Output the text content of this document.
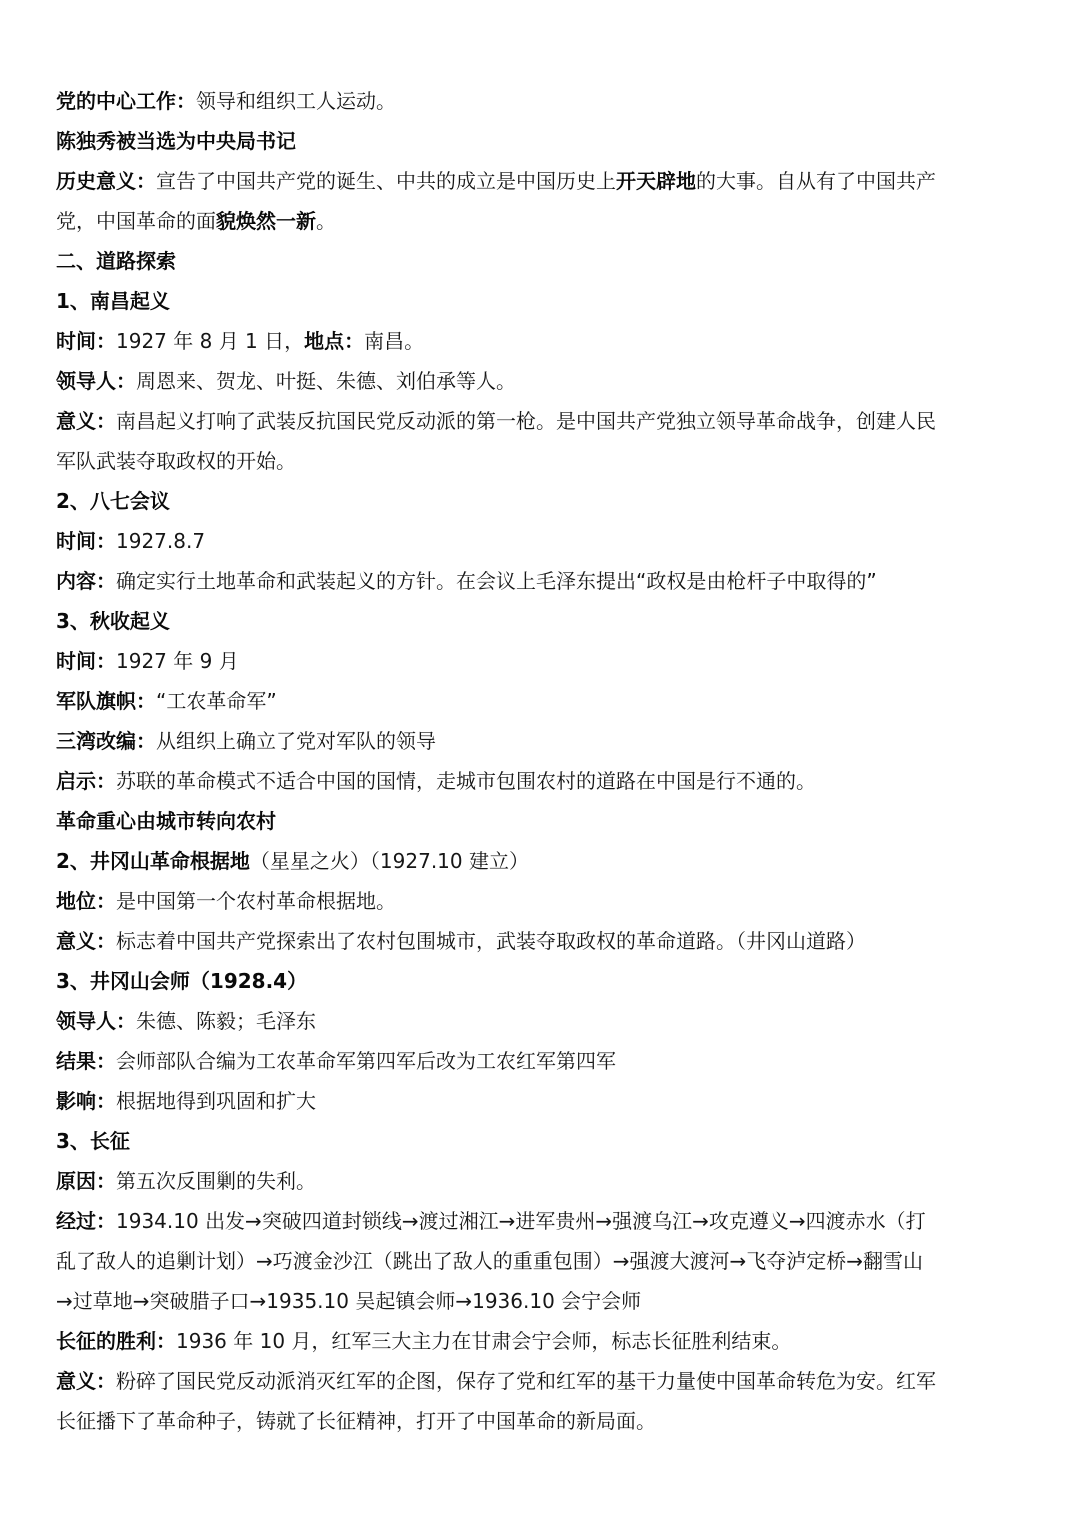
党的中心工作：领导和组织工人运动。
陈独秀被当选为中央局书记
历史意义：宣告了中国共产党的诞生、中共的成立是中国历史上开天辟地的大事。自从有了中国共产
党，中国革命的面貌焕然一新。
二、道路探索
1、南昌起义
时间：1927 年 8 月 1 日，地点：南昌。
领导人：周恩来、贺龙、叶挺、朱德、刘伯承等人。
意义：南昌起义打响了武装反抗国民党反动派的第一枪。是中国共产党独立领导革命战争，创建人民
军队武装夺取政权的开始。
2、八七会议
时间：1927.8.7
内容：确定实行土地革命和武装起义的方针。在会议上毛泽东提出“政权是由枪杆子中取得的”
3、秋收起义
时间：1927 年 9 月
军队旗帜：“工农革命军”
三湾改编：从组织上确立了党对军队的领导
启示：苏联的革命模式不适合中国的国情，走城市包围农村的道路在中国是行不通的。
革命重心由城市转向农村
2、井冈山革命根据地（星星之火）（1927.10 建立）
地位：是中国第一个农村革命根据地。
意义：标志着中国共产党探索出了农村包围城市，武装夺取政权的革命道路。（井冈山道路）
3、井冈山会师（1928.4）
领导人：朱德、陈毅；毛泽东
结果：会师部队合编为工农革命军第四军后改为工农红军第四军
影响：根据地得到巩固和扩大
3、长征
原因：第五次反围剿的失利。
经过：1934.10 出发→突破四道封锁线→渡过湘江→进军贵州→强渡乌江→攻克遵义→四渡赤水（打
乱了敌人的追剿计划）→巧渡金沙江（跳出了敌人的重重包围）→强渡大渡河→飞夺泸定桥→翻雪山
→过草地→突破腊子口→1935.10 吴起镇会师→1936.10 会宁会师
长征的胜利：1936 年 10 月，红军三大主力在甘肃会宁会师，标志长征胜利结束。
意义：粉碎了国民党反动派消灭红军的企图，保存了党和红军的基干力量使中国革命转危为安。红军
长征播下了革命种子，铸就了长征精神，打开了中国革命的新局面。
